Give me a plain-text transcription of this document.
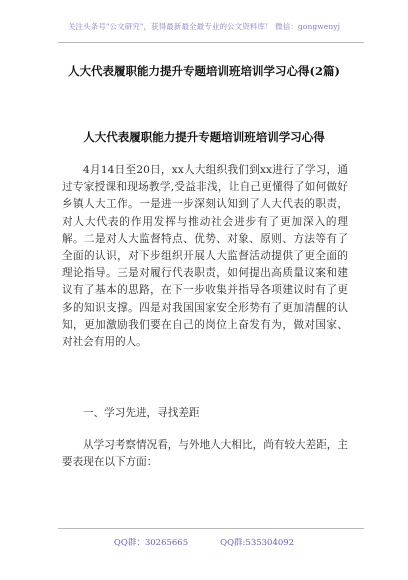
关注头条号"公文研究"，获得最新最全最专业的公文资料库！ 微信：gongwenyj
人大代表履职能力提升专题培训班培训学习心得(2篇)
人大代表履职能力提升专题培训班培训学习心得
4月14日至20日，xx人大组织我们到xx进行了学习，通过专家授课和现场教学,受益非浅，让自己更懂得了如何做好乡镇人大工作。一是进一步深刻认知到了人大代表的职责，对人大代表的作用发挥与推动社会进步有了更加深入的理解。二是对人大监督特点、优势、对象、原则、方法等有了全面的认识，对下步组织开展人大监督活动提供了更全面的理论指导。三是对履行代表职责，如何提出高质量议案和建议有了基本的思路，在下一步收集并指导各项建议时有了更多的知识支撑。四是对我国国家安全形势有了更加清醒的认知，更加激励我们要在自己的岗位上奋发有为，做对国家、对社会有用的人。
一、学习先进，寻找差距
从学习考察情况看，与外地人大相比，尚有较大差距，主要表现在以下方面：
QQ群：30265665	QQ群:535304092
